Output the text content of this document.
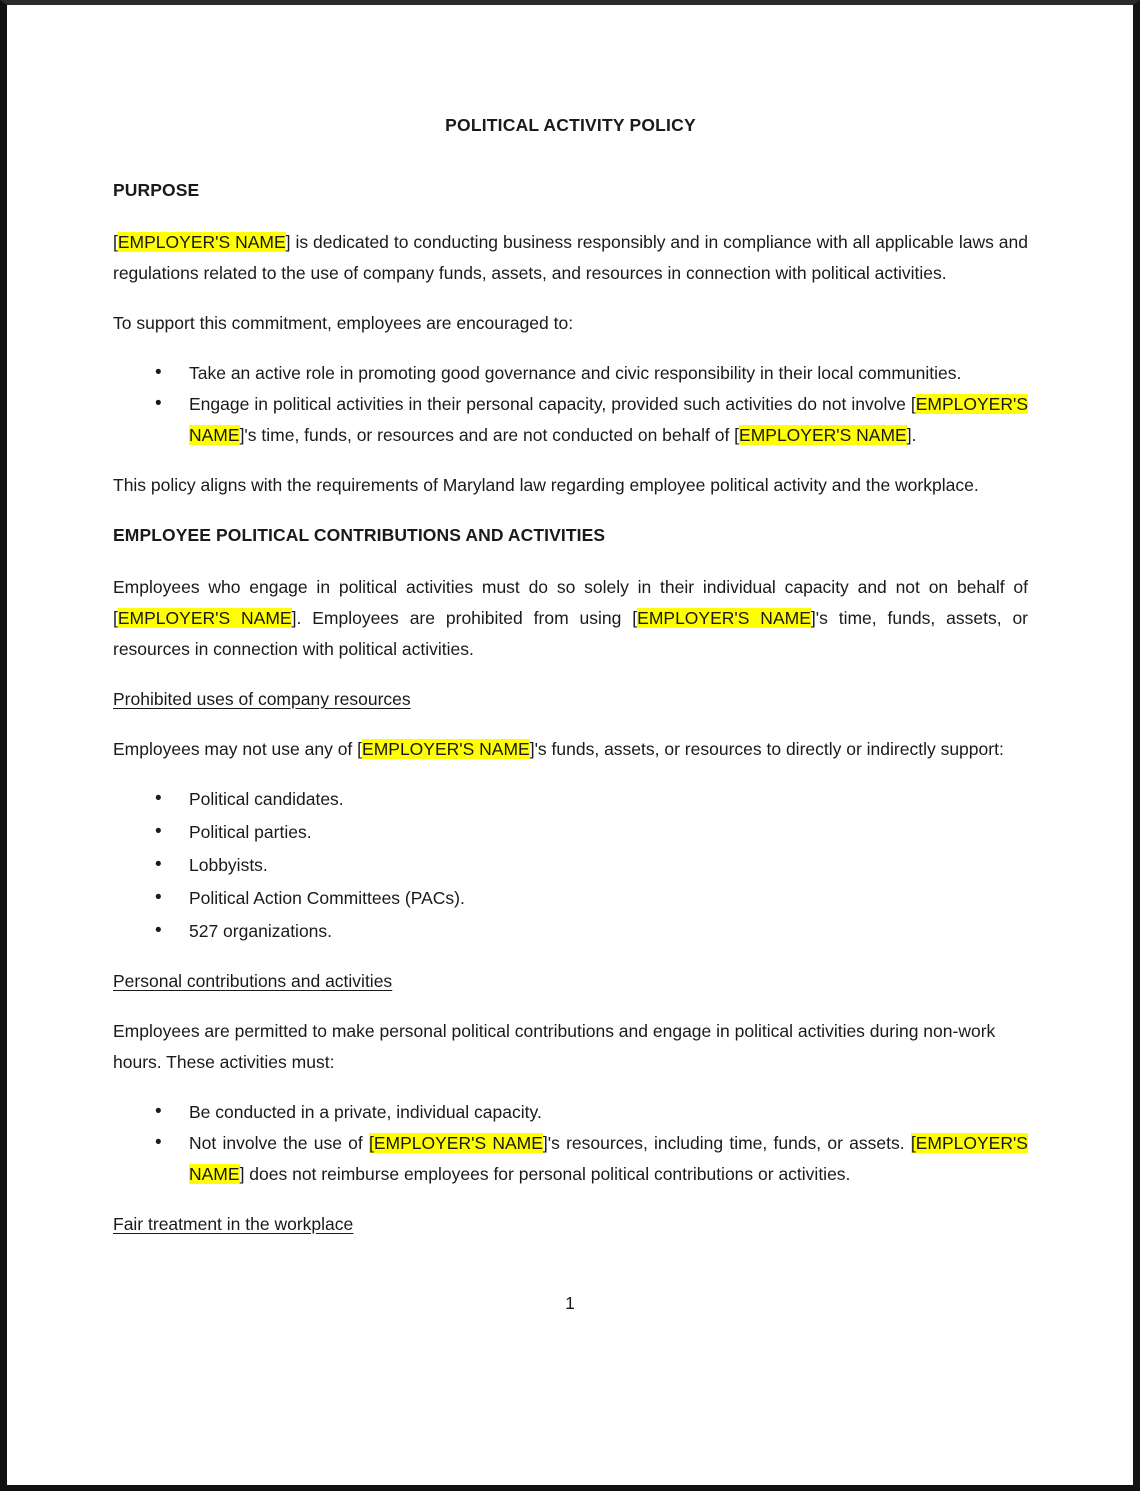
POLITICAL ACTIVITY POLICY
PURPOSE

[EMPLOYER'S NAME] is dedicated to conducting business responsibly and in compliance with all applicable laws and regulations related to the use of company funds, assets, and resources in connection with political activities.

To support this commitment, employees are encouraged to:

• Take an active role in promoting good governance and civic responsibility in their local communities.
• Engage in political activities in their personal capacity, provided such activities do not involve [EMPLOYER'S NAME]'s time, funds, or resources and are not conducted on behalf of [EMPLOYER'S NAME].

This policy aligns with the requirements of Maryland law regarding employee political activity and the workplace.

EMPLOYEE POLITICAL CONTRIBUTIONS AND ACTIVITIES

Employees who engage in political activities must do so solely in their individual capacity and not on behalf of [EMPLOYER'S NAME]. Employees are prohibited from using [EMPLOYER'S NAME]'s time, funds, assets, or resources in connection with political activities.

Prohibited uses of company resources

Employees may not use any of [EMPLOYER'S NAME]'s funds, assets, or resources to directly or indirectly support:

• Political candidates.
• Political parties.
• Lobbyists.
• Political Action Committees (PACs).
• 527 organizations.
Personal contributions and activities

Employees are permitted to make personal political contributions and engage in political activities during non-work hours. These activities must:

• Be conducted in a private, individual capacity.
• Not involve the use of [EMPLOYER'S NAME]'s resources, including time, funds, or assets. [EMPLOYER'S NAME] does not reimburse employees for personal political contributions or activities.
Fair treatment in the workplace
1
